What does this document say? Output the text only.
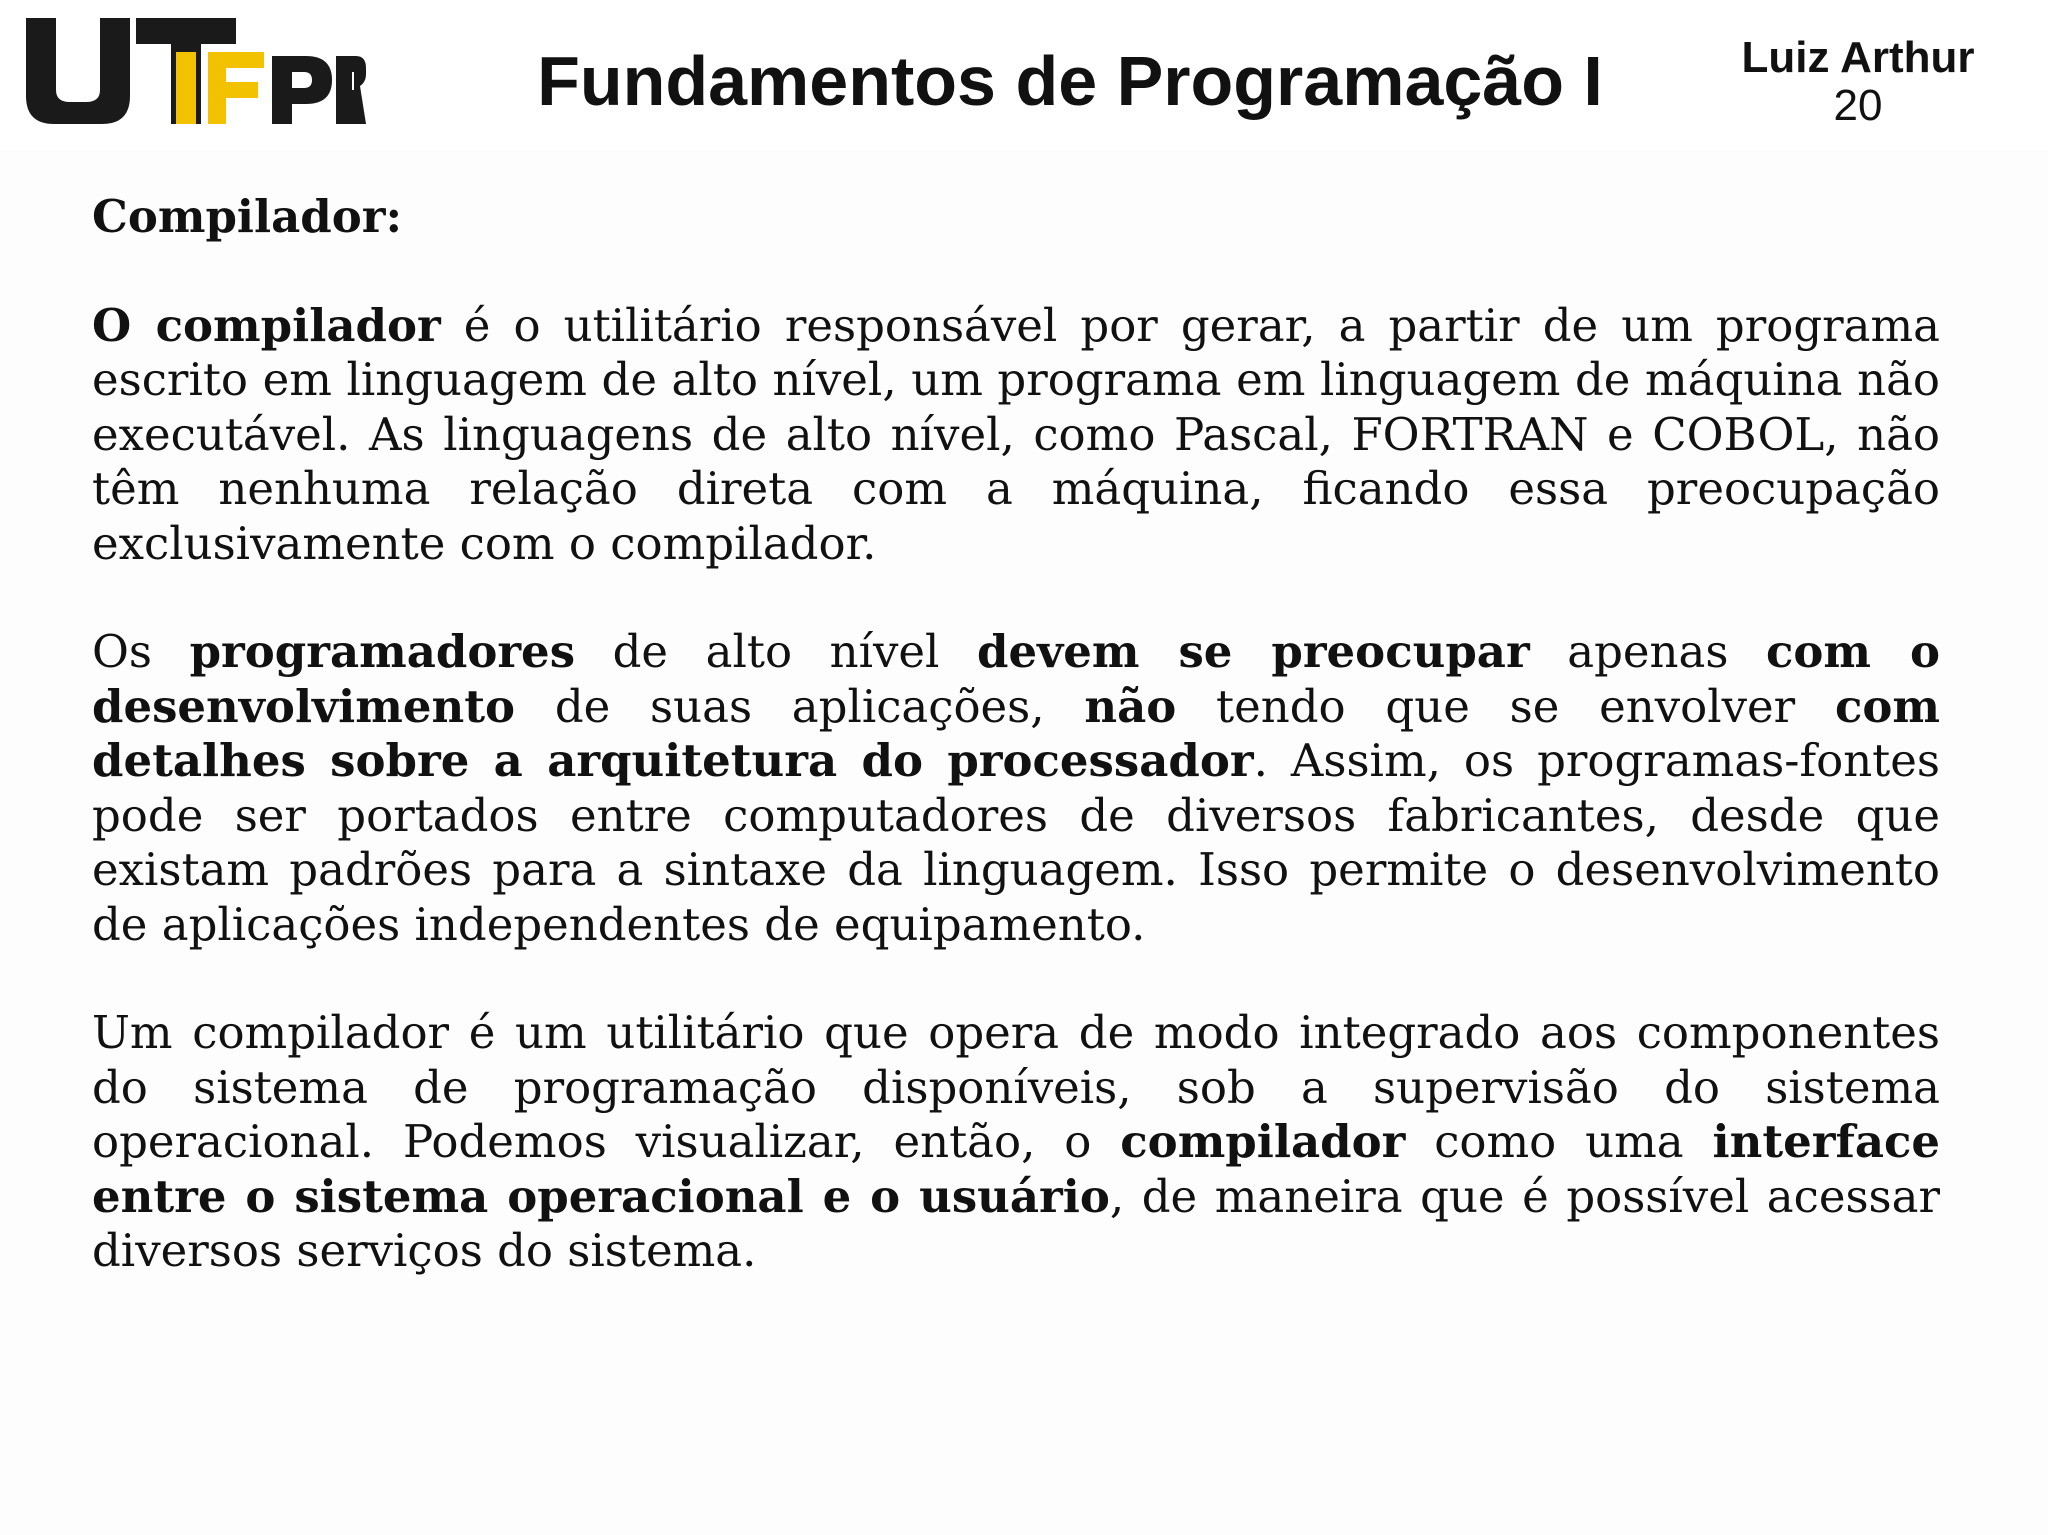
Fundamentos de Programação I	Luiz Arthur
20
Compilador:

O compilador é o utilitário responsável por gerar, a partir de um programa escrito em linguagem de alto nível, um programa em linguagem de máquina não executável. As linguagens de alto nível, como Pascal, FORTRAN e COBOL, não têm nenhuma relação direta com a máquina, ficando essa preocupação exclusivamente com o compilador.

Os programadores de alto nível devem se preocupar apenas com o desenvolvimento de suas aplicações, não tendo que se envolver com detalhes sobre a arquitetura do processador. Assim, os programas-fontes pode ser portados entre computadores de diversos fabricantes, desde que existam padrões para a sintaxe da linguagem. Isso permite o desenvolvimento de aplicações independentes de equipamento.

Um compilador é um utilitário que opera de modo integrado aos componentes do sistema de programação disponíveis, sob a supervisão do sistema operacional. Podemos visualizar, então, o compilador como uma interface entre o sistema operacional e o usuário, de maneira que é possível acessar diversos serviços do sistema.
